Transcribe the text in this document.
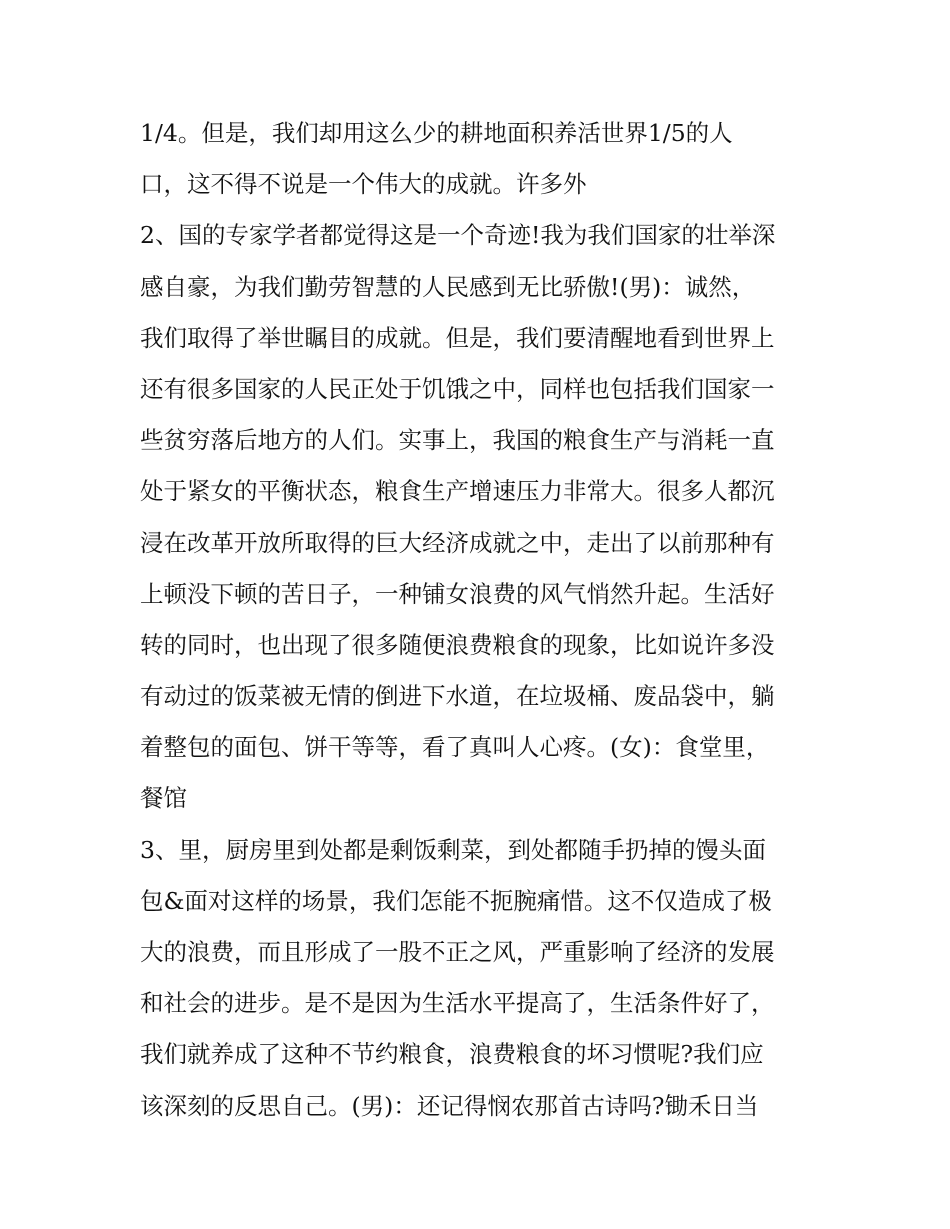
1/4。但是，我们却用这么少的耕地面积养活世界1/5的人
口，这不得不说是一个伟大的成就。许多外
2、国的专家学者都觉得这是一个奇迹!我为我们国家的壮举深
感自豪，为我们勤劳智慧的人民感到无比骄傲!(男)：诚然，
我们取得了举世瞩目的成就。但是，我们要清醒地看到世界上
还有很多国家的人民正处于饥饿之中，同样也包括我们国家一
些贫穷落后地方的人们。实事上，我国的粮食生产与消耗一直
处于紧女的平衡状态，粮食生产增速压力非常大。很多人都沉
浸在改革开放所取得的巨大经济成就之中，走出了以前那种有
上顿没下顿的苦日子，一种铺女浪费的风气悄然升起。生活好
转的同时，也出现了很多随便浪费粮食的现象，比如说许多没
有动过的饭菜被无情的倒进下水道，在垃圾桶、废品袋中，躺
着整包的面包、饼干等等，看了真叫人心疼。(女)：食堂里，
餐馆
3、里，厨房里到处都是剩饭剩菜，到处都随手扔掉的馒头面
包&面对这样的场景，我们怎能不扼腕痛惜。这不仅造成了极
大的浪费，而且形成了一股不正之风，严重影响了经济的发展
和社会的进步。是不是因为生活水平提高了，生活条件好了，
我们就养成了这种不节约粮食，浪费粮食的坏习惯呢?我们应
该深刻的反思自己。(男)：还记得悯农那首古诗吗?锄禾日当
